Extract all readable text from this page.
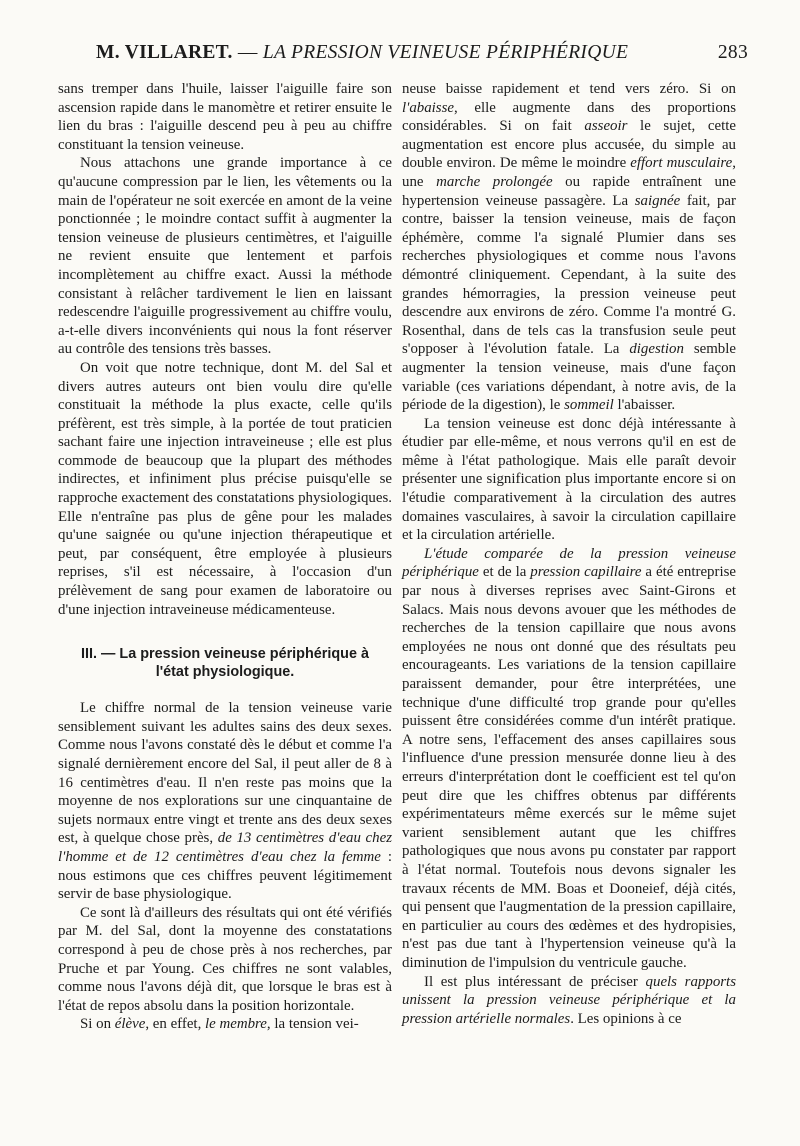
M. VILLARET. — LA PRESSION VEINEUSE PÉRIPHÉRIQUE	283

sans tremper dans l'huile, laisser l'aiguille faire son ascension rapide dans le manomètre et retirer ensuite le lien du bras : l'aiguille descend peu à peu au chiffre constituant la tension veineuse.

Nous attachons une grande importance à ce qu'aucune compression par le lien, les vêtements ou la main de l'opérateur ne soit exercée en amont de la veine ponctionnée ; le moindre contact suffit à augmenter la tension veineuse de plusieurs centimètres, et l'aiguille ne revient ensuite que lentement et parfois incomplètement au chiffre exact. Aussi la méthode consistant à relâcher tardivement le lien en laissant redescendre l'aiguille progressivement au chiffre voulu, a-t-elle divers inconvénients qui nous la font réserver au contrôle des tensions très basses.

On voit que notre technique, dont M. del Sal et divers autres auteurs ont bien voulu dire qu'elle constituait la méthode la plus exacte, celle qu'ils préfèrent, est très simple, à la portée de tout praticien sachant faire une injection intraveineuse ; elle est plus commode de beaucoup que la plupart des méthodes indirectes, et infiniment plus précise puisqu'elle se rapproche exactement des constatations physiologiques. Elle n'entraîne pas plus de gêne pour les malades qu'une saignée ou qu'une injection thérapeutique et peut, par conséquent, être employée à plusieurs reprises, s'il est nécessaire, à l'occasion d'un prélèvement de sang pour examen de laboratoire ou d'une injection intraveineuse médicamenteuse.

III. — La pression veineuse périphérique à
l'état physiologique.

Le chiffre normal de la tension veineuse varie sensiblement suivant les adultes sains des deux sexes. Comme nous l'avons constaté dès le début et comme l'a signalé dernièrement encore del Sal, il peut aller de 8 à 16 centimètres d'eau. Il n'en reste pas moins que la moyenne de nos explorations sur une cinquantaine de sujets normaux entre vingt et trente ans des deux sexes est, à quelque chose près, de 13 centimètres d'eau chez l'homme et de 12 centimètres d'eau chez la femme : nous estimons que ces chiffres peuvent légitimement servir de base physiologique.

Ce sont là d'ailleurs des résultats qui ont été vérifiés par M. del Sal, dont la moyenne des constatations correspond à peu de chose près à nos recherches, par Pruche et par Young. Ces chiffres ne sont valables, comme nous l'avons déjà dit, que lorsque le bras est à l'état de repos absolu dans la position horizontale.

Si on élève, en effet, le membre, la tension vei-

neuse baisse rapidement et tend vers zéro. Si on l'abaisse, elle augmente dans des proportions considérables. Si on fait asseoir le sujet, cette augmentation est encore plus accusée, du simple au double environ. De même le moindre effort musculaire, une marche prolongée ou rapide entraînent une hypertension veineuse passagère. La saignée fait, par contre, baisser la tension veineuse, mais de façon éphémère, comme l'a signalé Plumier dans ses recherches physiologiques et comme nous l'avons démontré cliniquement. Cependant, à la suite des grandes hémorragies, la pression veineuse peut descendre aux environs de zéro. Comme l'a montré G. Rosenthal, dans de tels cas la transfusion seule peut s'opposer à l'évolution fatale. La digestion semble augmenter la tension veineuse, mais d'une façon variable (ces variations dépendant, à notre avis, de la période de la digestion), le sommeil l'abaisser.

La tension veineuse est donc déjà intéressante à étudier par elle-même, et nous verrons qu'il en est de même à l'état pathologique. Mais elle paraît devoir présenter une signification plus importante encore si on l'étudie comparativement à la circulation des autres domaines vasculaires, à savoir la circulation capillaire et la circulation artérielle.

L'étude comparée de la pression veineuse périphérique et de la pression capillaire a été entreprise par nous à diverses reprises avec Saint-Girons et Salacs. Mais nous devons avouer que les méthodes de recherches de la tension capillaire que nous avons employées ne nous ont donné que des résultats peu encourageants. Les variations de la tension capillaire paraissent demander, pour être interprétées, une technique d'une difficulté trop grande pour qu'elles puissent être considérées comme d'un intérêt pratique. A notre sens, l'effacement des anses capillaires sous l'influence d'une pression mensurée donne lieu à des erreurs d'interprétation dont le coefficient est tel qu'on peut dire que les chiffres obtenus par différents expérimentateurs même exercés sur le même sujet varient sensiblement autant que les chiffres pathologiques que nous avons pu constater par rapport à l'état normal. Toutefois nous devons signaler les travaux récents de MM. Boas et Dooneief, déjà cités, qui pensent que l'augmentation de la pression capillaire, en particulier au cours des œdèmes et des hydropisies, n'est pas due tant à l'hypertension veineuse qu'à la diminution de l'impulsion du ventricule gauche.

Il est plus intéressant de préciser quels rapports unissent la pression veineuse périphérique et la pression artérielle normales. Les opinions à ce
